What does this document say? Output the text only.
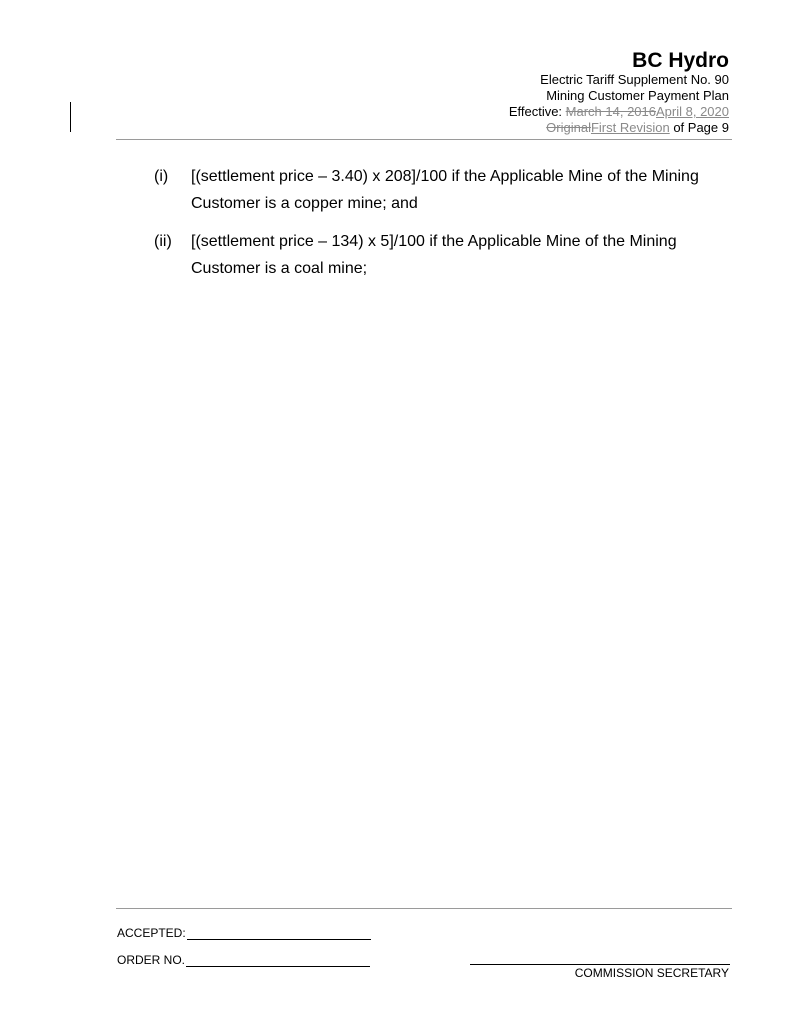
BC Hydro
Electric Tariff Supplement No. 90
Mining Customer Payment Plan
Effective: March 14, 2016April 8, 2020
OriginalFirst Revision of Page 9
(i) [(settlement price – 3.40) x 208]/100 if the Applicable Mine of the Mining
Customer is a copper mine; and
(ii) [(settlement price – 134) x 5]/100 if the Applicable Mine of the Mining
Customer is a coal mine;
ACCEPTED:
ORDER NO.
COMMISSION SECRETARY
